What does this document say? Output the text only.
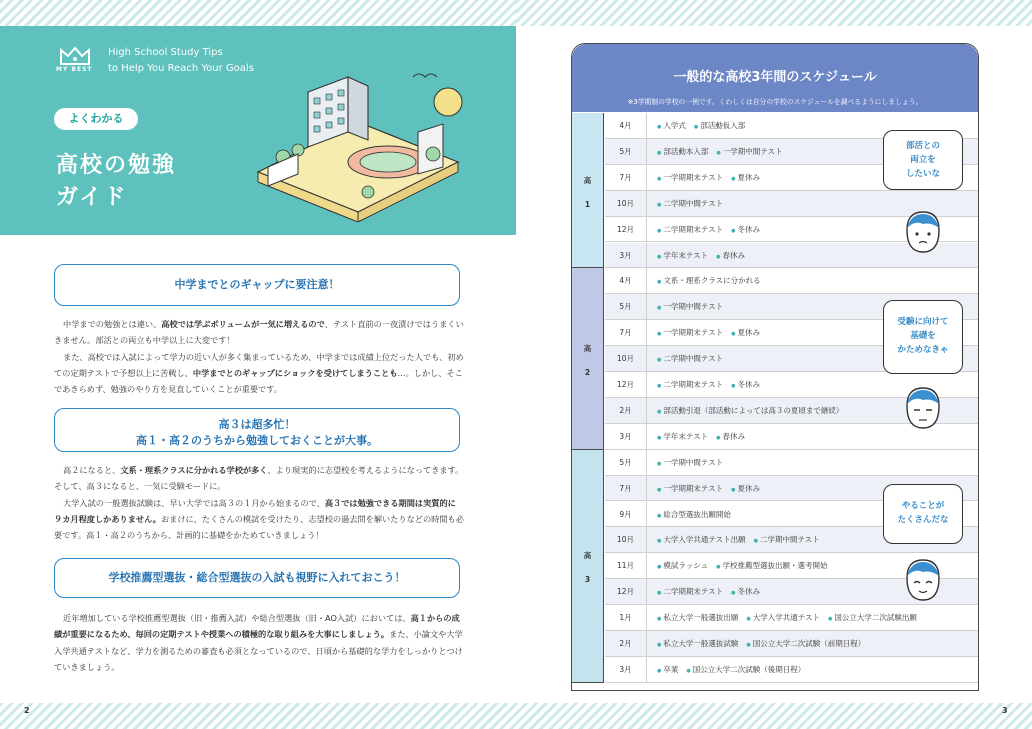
2	3
MY BEST
High School Study Tips
to Help You Reach Your Goals
よくわかる
高校の勉強
ガイド
中学までとのギャップに要注意！
中学までの勉強とは違い、高校では学ぶボリュームが一気に増えるので、テスト直前の一夜漬けではうまくいきません。部活との両立も中学以上に大変です！
また、高校では入試によって学力の近い人が多く集まっているため、中学までは成績上位だった人でも、初めての定期テストで予想以上に苦戦し、中学までとのギャップにショックを受けてしまうことも…。しかし、そこであきらめず、勉強のやり方を見直していくことが重要です。
高３は超多忙！
高１・高２のうちから勉強しておくことが大事。
高２になると、文系・理系クラスに分かれる学校が多く、より現実的に志望校を考えるようになってきます。そして、高３になると、一気に受験モードに。
大学入試の一般選抜試験は、早い大学では高３の１月から始まるので、高３では勉強できる期間は実質的に９カ月程度しかありません。おまけに、たくさんの模試を受けたり、志望校の過去問を解いたりなどの時間も必要です。高１・高２のうちから、計画的に基礎をかためていきましょう！
学校推薦型選抜・総合型選抜の入試も視野に入れておこう！
近年増加している学校推薦型選抜（旧・推薦入試）や総合型選抜（旧・AO入試）においては、高１からの成績が重要になるため、毎回の定期テストや授業への積極的な取り組みを大事にしましょう。また、小論文や大学入学共通テストなど、学力を測るための審査も必須となっているので、日頃から基礎的な学力をしっかりとつけていきましょう。
一般的な高校3年間のスケジュール
※3学期制の学校の一例です。くわしくは自分の学校のスケジュールを調べるようにしましょう。
4月	● 入学式 ● 部活動仮入部
5月	● 部活動本入部 ● 一学期中間テスト
7月	● 一学期期末テスト ● 夏休み
10月	● 二学期中間テスト
12月	● 二学期期末テスト ● 冬休み
3月	● 学年末テスト ● 春休み
高
1
4月	● 文系・理系クラスに分かれる
5月	● 一学期中間テスト
7月	● 一学期期末テスト ● 夏休み
10月	● 二学期中間テスト
12月	● 二学期期末テスト ● 冬休み
2月	● 部活動引退（部活動によっては高３の夏頃まで継続）
3月	● 学年末テスト ● 春休み
高
2
5月	● 一学期中間テスト
7月	● 一学期期末テスト ● 夏休み
9月	● 総合型選抜出願開始
10月	● 大学入学共通テスト出願 ● 二学期中間テスト
11月	● 模試ラッシュ ● 学校推薦型選抜出願・選考開始
12月	● 二学期期末テスト ● 冬休み
1月	● 私立大学一般選抜出願 ● 大学入学共通テスト ● 国公立大学二次試験出願
2月	● 私立大学一般選抜試験 ● 国公立大学二次試験（前期日程）
3月	● 卒業 ● 国公立大学二次試験（後期日程）
高
3
部活との
両立を
したいな
受験に向けて
基礎を
かためなきゃ
やることが
たくさんだな
